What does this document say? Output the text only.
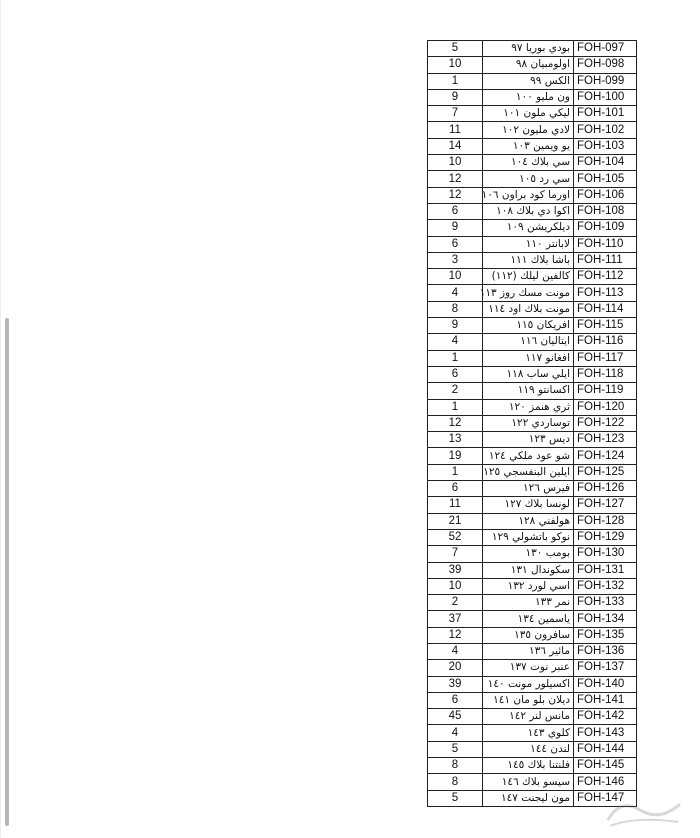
5	بودي بوريا ٩٧	FOH-097
10	اولومبيان ٩٨	FOH-098
1	الكس ٩٩	FOH-099
9	ون مليو ١٠٠	FOH-100
7	ليكي ملون ١٠١	FOH-101
11	لادي مليون ١٠٢	FOH-102
14	يو ويمين ١٠٣	FOH-103
10	سي بلاك ١٠٤	FOH-104
12	سي رد ١٠٥	FOH-105
12	اورما كود براون ١٠٦	FOH-106
6	اكوا دي بلاك ١٠٨	FOH-108
9	ديلكريشن ١٠٩	FOH-109
6	لابانتر ١١٠	FOH-110
3	باشا بلاك ١١١	FOH-111
10	كالفين ليلك (١١٢)	FOH-112
4	مونت مسك روز ١١٣	FOH-113
8	مونت بلاك اود ١١٤	FOH-114
9	افريكان ١١٥	FOH-115
4	ايتاليان ١١٦	FOH-116
1	افغانو ١١٧	FOH-117
6	ايلي ساب ١١٨	FOH-118
2	اكسانتو ١١٩	FOH-119
1	ثري هنمز ١٢٠	FOH-120
12	توساردي ١٢٢	FOH-122
13	ديس ١٢٣	FOH-123
19	شو عود ملكي ١٢٤	FOH-124
1	ايلين البنفسجي ١٢٥	FOH-125
6	فيرس ١٢٦	FOH-126
11	لونسا بلاك ١٢٧	FOH-127
21	هولفني ١٢٨	FOH-128
52	نوكو باتشولي ١٢٩	FOH-129
7	بومب ١٣٠	FOH-130
39	سكوندال ١٣١	FOH-131
10	اسي لورد ١٣٢	FOH-132
2	نمر ١٣٣	FOH-133
37	ياسمين ١٣٤	FOH-134
12	سافرون ١٣٥	FOH-135
4	مائير ١٣٦	FOH-136
20	عنبر نوت ١٣٧	FOH-137
39	اكسيلور مونت ١٤٠	FOH-140
6	ديلان بلو مان ١٤١	FOH-141
45	مانس لنر ١٤٢	FOH-142
4	كلوي ١٤٣	FOH-143
5	لندن ١٤٤	FOH-144
8	فلنتنا بلاك ١٤٥	FOH-145
8	سيسو بلاك ١٤٦	FOH-146
5	مون ليجنت ١٤٧	FOH-147
